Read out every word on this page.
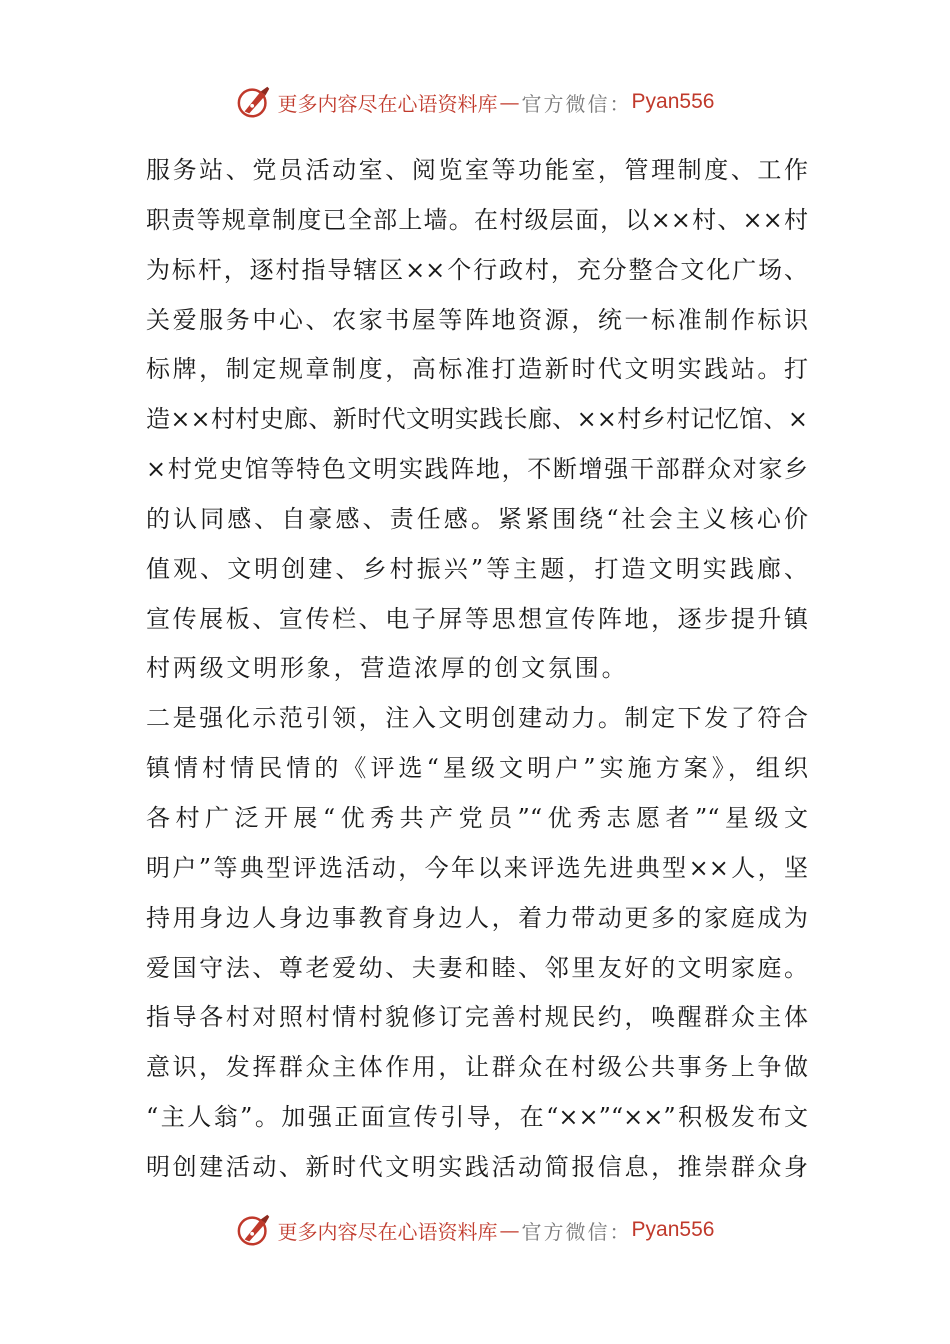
更多内容尽在心语资料库 — 官方微信： Pyan556
服务站、党员活动室、阅览室等功能室，管理制度、工作
职责等规章制度已全部上墙。在村级层面，以××村、××村
为标杆，逐村指导辖区××个行政村，充分整合文化广场、
关爱服务中心、农家书屋等阵地资源，统一标准制作标识
标牌，制定规章制度，高标准打造新时代文明实践站。打
造××村村史廊、新时代文明实践长廊、××村乡村记忆馆、×
×村党史馆等特色文明实践阵地，不断增强干部群众对家乡
的认同感、自豪感、责任感。紧紧围绕“社会主义核心价
值观、文明创建、乡村振兴”等主题，打造文明实践廊、
宣传展板、宣传栏、电子屏等思想宣传阵地，逐步提升镇
村两级文明形象，营造浓厚的创文氛围。
二是强化示范引领，注入文明创建动力。制定下发了符合
镇情村情民情的《评选“星级文明户”实施方案》，组织
各村广泛开展“优秀共产党员”“优秀志愿者”“星级文
明户”等典型评选活动，今年以来评选先进典型××人，坚
持用身边人身边事教育身边人，着力带动更多的家庭成为
爱国守法、尊老爱幼、夫妻和睦、邻里友好的文明家庭。
指导各村对照村情村貌修订完善村规民约，唤醒群众主体
意识，发挥群众主体作用，让群众在村级公共事务上争做
“主人翁”。加强正面宣传引导，在“××”“××”积极发布文
明创建活动、新时代文明实践活动简报信息，推崇群众身
更多内容尽在心语资料库 — 官方微信： Pyan556
